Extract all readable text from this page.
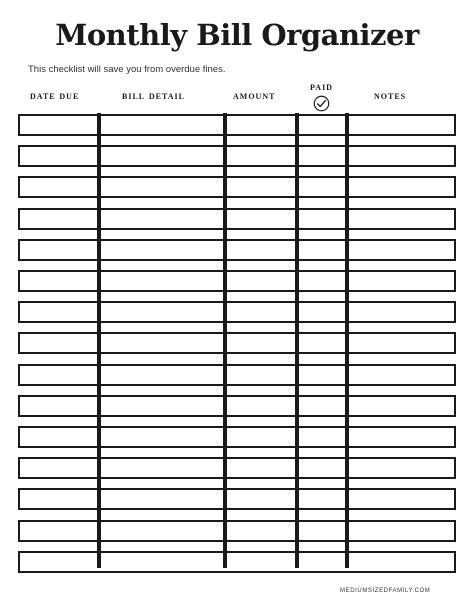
Monthly Bill Organizer
This checklist will save you from overdue fines.
date due	bill detail	amount
paid
notes
MEDIUMSIZEDFAMILY.COM
